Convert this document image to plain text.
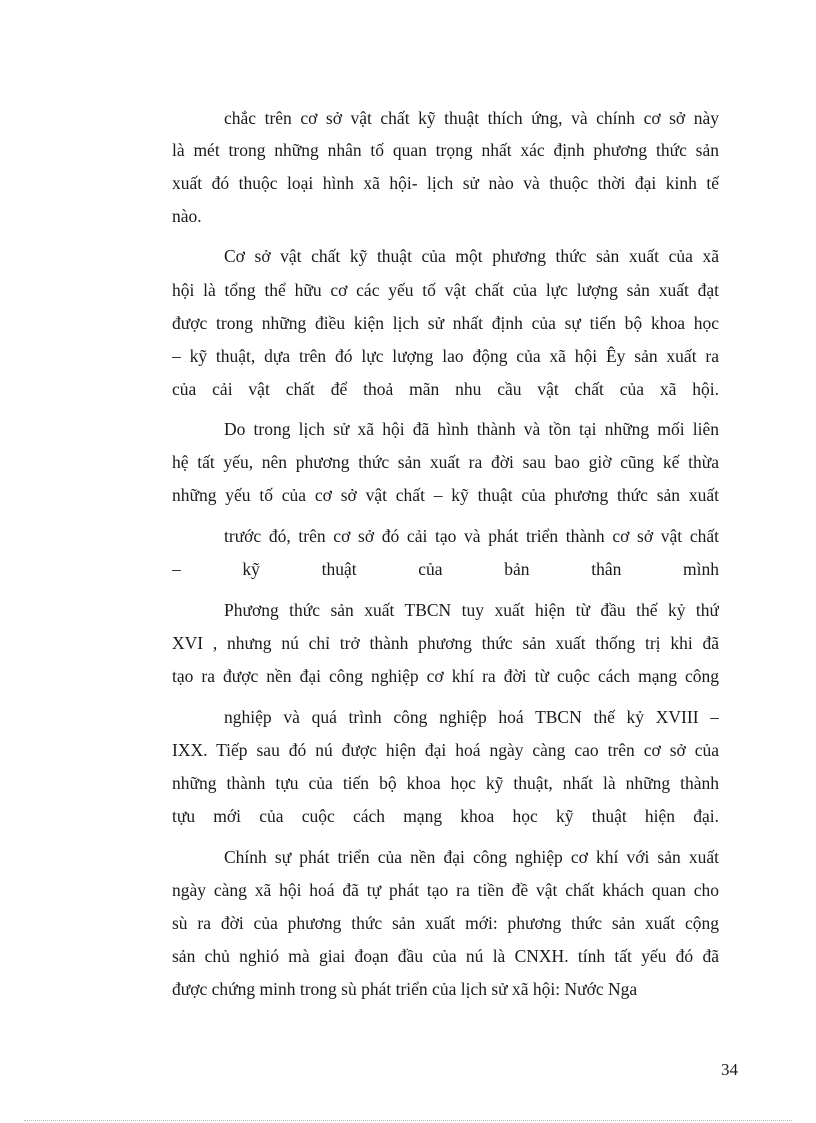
chắc trên cơ sở vật chất kỹ thuật thích ứng, và chính cơ sở này
là mét trong những nhân tố quan trọng nhất xác định phương thức sản
xuất đó thuộc loại hình xã hội- lịch sử nào và thuộc thời đại kinh tế
nào.
Cơ sở vật chất kỹ thuật của một phương thức sản xuất của xã
hội là tổng thể hữu cơ các yếu tố vật chất của lực lượng sản xuất đạt
được trong những điều kiện lịch sử nhất định của sự tiến bộ khoa học
– kỹ thuật, dựa trên đó lực lượng lao động của xã hội Êy sản xuất ra
của cải vật chất để thoả mãn nhu cầu vật chất của xã hội.
Do trong lịch sử xã hội đã hình thành và tồn tại những mối liên
hệ tất yếu, nên phương thức sản xuất ra đời sau bao giờ cũng kế thừa
những yếu tố của cơ sở vật chất – kỹ thuật của phương thức sản xuất
trước đó, trên cơ sở đó cải tạo và phát triển thành cơ sở vật chất
– kỹ thuật của bản thân mình
Phương thức sản xuất TBCN tuy xuất hiện từ đầu thế kỷ thứ
XVI , nhưng nú chỉ trở thành phương thức sản xuất thống trị khi đã
tạo ra được nền đại công nghiệp cơ khí ra đời từ cuộc cách mạng công
nghiệp và quá trình công nghiệp hoá TBCN thế kỷ XVIII –
IXX. Tiếp sau đó nú được hiện đại hoá ngày càng cao trên cơ sở của
những thành tựu của tiến bộ khoa học kỹ thuật, nhất là những thành
tựu mới của cuộc cách mạng khoa học kỹ thuật hiện đại.
Chính sự phát triển của nền đại công nghiệp cơ khí với sản xuất
ngày càng xã hội hoá đã tự phát tạo ra tiền đề vật chất khách quan cho
sù ra đời của phương thức sản xuất mới: phương thức sản xuất cộng
sản chủ nghió mà giai đoạn đầu của nú là CNXH. tính tất yếu đó đã
được chứng minh trong sù phát triển của lịch sử xã hội: Nước Nga
34
